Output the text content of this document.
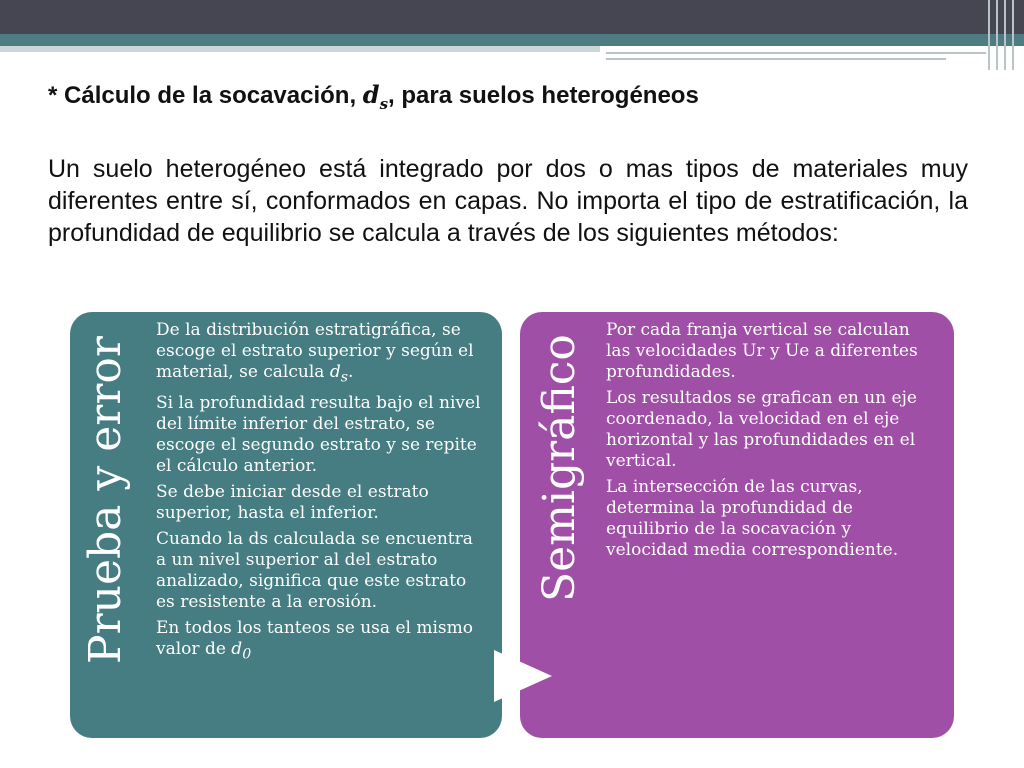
* Cálculo de la socavación, $d_s$, para suelos heterogéneos
Un suelo heterogéneo está integrado por dos o mas tipos de materiales muy diferentes entre sí, conformados en capas. No importa el tipo de estratificación, la profundidad de equilibrio se calcula a través de los siguientes métodos:
Prueba y error
De la distribución estratigráfica, se escoge el estrato superior y según el material, se calcula $d_s$.
Si la profundidad resulta bajo el nivel del límite inferior del estrato, se escoge el segundo estrato y se repite el cálculo anterior.
Se debe iniciar desde el estrato superior, hasta el inferior.
Cuando la ds calculada se encuentra a un nivel superior al del estrato analizado, significa que este estrato es resistente a la erosión.
En todos los tanteos se usa el mismo valor de $d_0$
Semigráfico
Por cada franja vertical se calculan las velocidades Ur y Ue a diferentes profundidades.
Los resultados se grafican en un eje coordenado, la velocidad en el eje horizontal y las profundidades en el vertical.
La intersección de las curvas, determina la profundidad de equilibrio de la socavación y velocidad media correspondiente.
